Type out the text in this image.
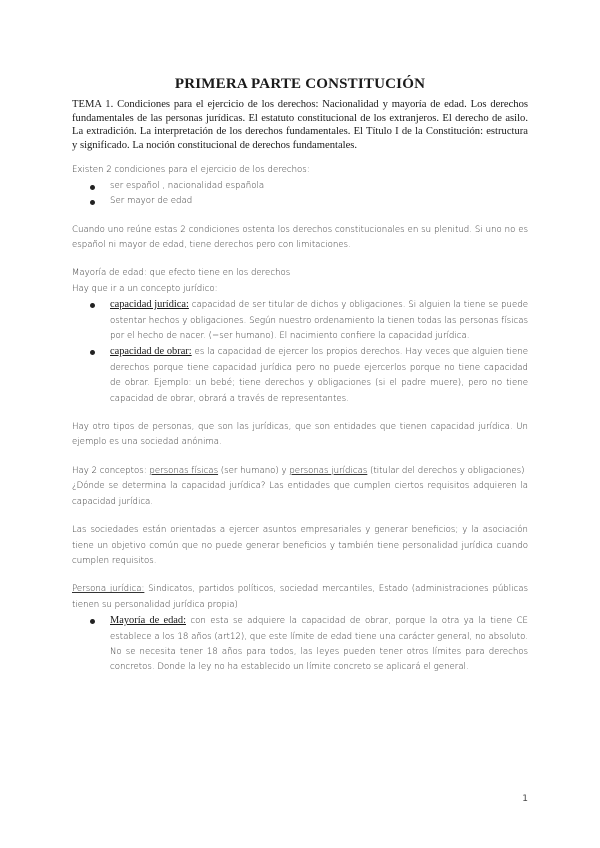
PRIMERA PARTE CONSTITUCIÓN

TEMA 1. Condiciones para el ejercicio de los derechos: Nacionalidad y mayoría de edad. Los derechos fundamentales de las personas jurídicas. El estatuto constitucional de los extranjeros. El derecho de asilo. La extradición. La interpretación de los derechos fundamentales. El Título I de la Constitución: estructura y significado. La noción constitucional de derechos fundamentales.

Existen 2 condiciones para el ejercicio de los derechos:

ser español , nacionalidad española
Ser mayor de edad

Cuando uno reúne estas 2 condiciones ostenta los derechos constitucionales en su plenitud. Si uno no es español ni mayor de edad, tiene derechos pero con limitaciones.

Mayoría de edad: que efecto tiene en los derechos

Hay que ir a un concepto jurídico:

capacidad jurídica: capacidad de ser titular de dichos y obligaciones. Si alguien la tiene se puede ostentar hechos y obligaciones. Según nuestro ordenamiento la tienen todas las personas físicas por el hecho de nacer. (=ser humano). El nacimiento confiere la capacidad jurídica.
capacidad de obrar: es la capacidad de ejercer los propios derechos. Hay veces que alguien tiene derechos porque tiene capacidad jurídica pero no puede ejercerlos porque no tiene capacidad de obrar. Ejemplo: un bebé; tiene derechos y obligaciones (si el padre muere), pero no tiene capacidad de obrar, obrará a través de representantes.

Hay otro tipos de personas, que son las jurídicas, que son entidades que tienen capacidad jurídica. Un ejemplo es una sociedad anónima.

Hay 2 conceptos: personas físicas (ser humano) y personas jurídicas (titular del derechos y obligaciones)

¿Dónde se determina la capacidad jurídica? Las entidades que cumplen ciertos requisitos adquieren la capacidad jurídica.

Las sociedades están orientadas a ejercer asuntos empresariales y generar beneficios; y la asociación tiene un objetivo común que no puede generar beneficios y también tiene personalidad jurídica cuando cumplen requisitos.

Persona jurídica: Sindicatos, partidos políticos, sociedad mercantiles, Estado (administraciones públicas tienen su personalidad jurídica propia)

Mayoría de edad: con esta se adquiere la capacidad de obrar, porque la otra ya la tiene CE establece a los 18 años (art12), que este límite de edad tiene una carácter general, no absoluto. No se necesita tener 18 años para todos, las leyes pueden tener otros límites para derechos concretos. Donde la ley no ha establecido un límite concreto se aplicará el general.
1
